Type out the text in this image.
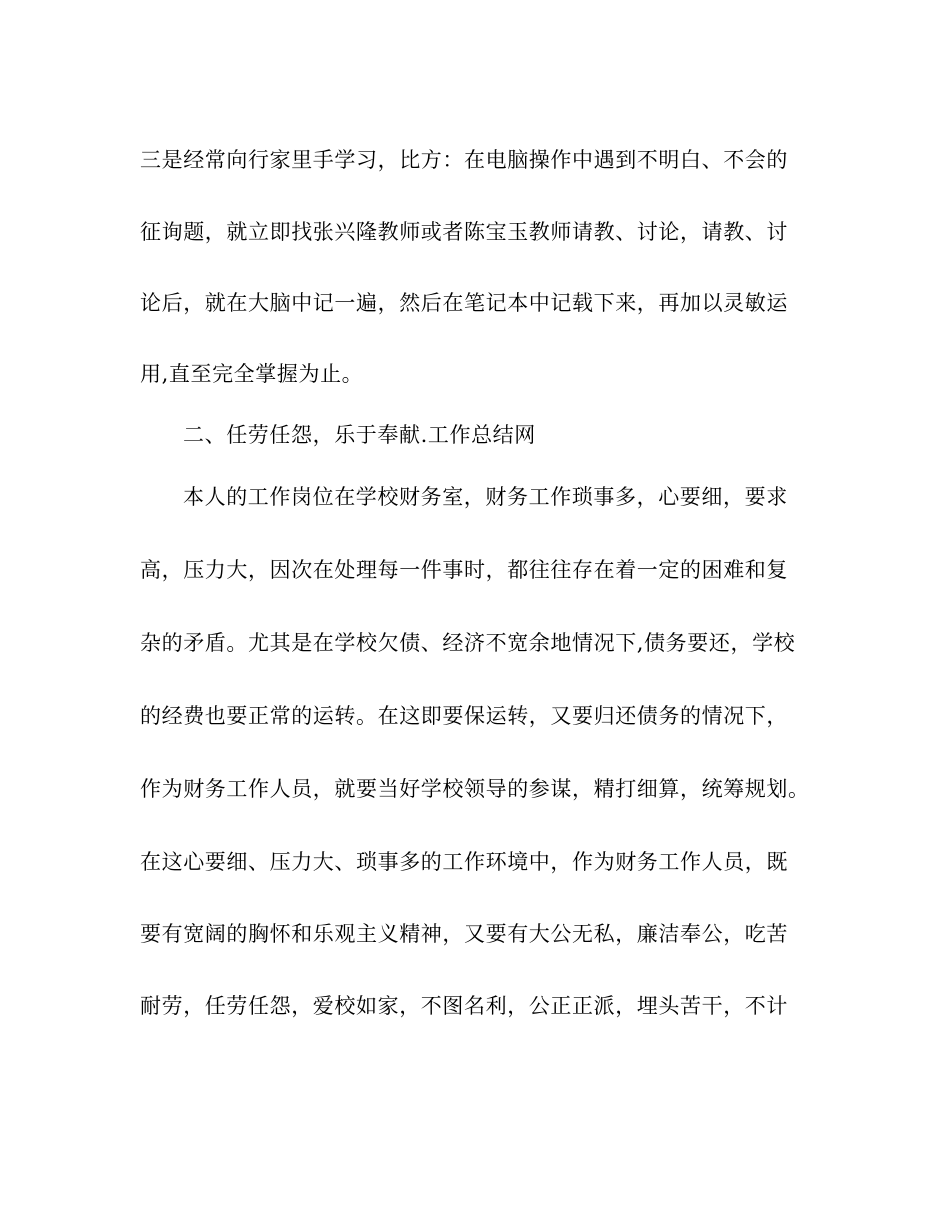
三是经常向行家里手学习，比方：在电脑操作中遇到不明白、不会的
征询题，就立即找张兴隆教师或者陈宝玉教师请教、讨论，请教、讨
论后，就在大脑中记一遍，然后在笔记本中记载下来，再加以灵敏运
用,直至完全掌握为止。
二、任劳任怨，乐于奉献.工作总结网
本人的工作岗位在学校财务室，财务工作琐事多，心要细，要求
高，压力大，因次在处理每一件事时，都往往存在着一定的困难和复
杂的矛盾。尤其是在学校欠债、经济不宽余地情况下,债务要还，学校
的经费也要正常的运转。在这即要保运转，又要归还债务的情况下，
作为财务工作人员，就要当好学校领导的参谋，精打细算，统筹规划。
在这心要细、压力大、琐事多的工作环境中，作为财务工作人员，既
要有宽阔的胸怀和乐观主义精神，又要有大公无私，廉洁奉公，吃苦
耐劳，任劳任怨，爱校如家，不图名利，公正正派，埋头苦干，不计
